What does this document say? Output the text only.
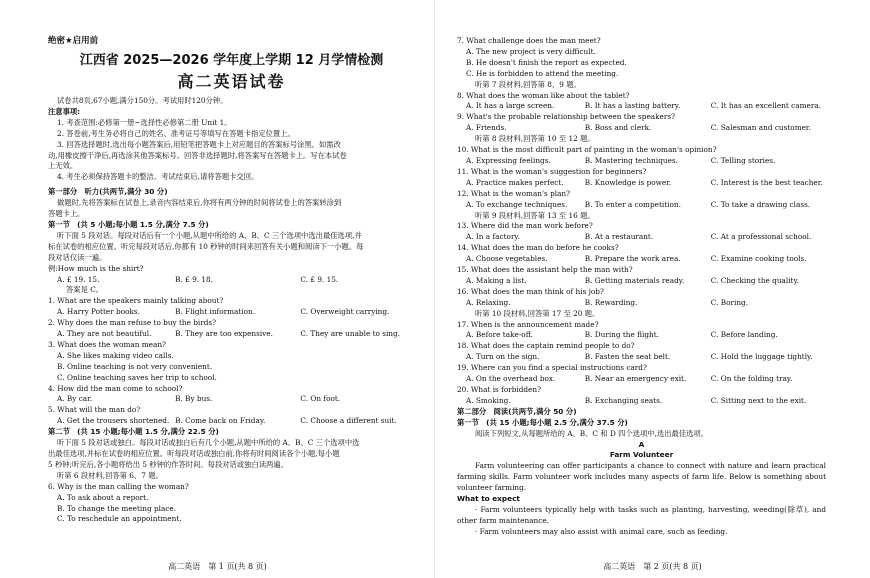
绝密★启用前
江西省 2025—2026 学年度上学期 12 月学情检测
高二英语试卷
试卷共8页,67小题,满分150分。考试用时120分钟。
注意事项:
1. 考查范围:必修第一册~选择性必修第二册 Unit 1。
2. 答卷前,考生务必将自己的姓名、准考证号等填写在答题卡指定位置上。
3. 回答选择题时,选出每小题答案后,用铅笔把答题卡上对应题目的答案标号涂黑。如需改
动,用橡皮擦干净后,再选涂其他答案标号。回答非选择题时,将答案写在答题卡上。写在本试卷
上无效。
4. 考生必须保持答题卡的整洁。考试结束后,请将答题卡交回。
第一部分　听力(共两节,满分 30 分)
做题时,先将答案标在试卷上,录音内容结束后,你将有两分钟的时间将试卷上的答案转涂到
答题卡上。
第一节　(共 5 小题;每小题 1.5 分,满分 7.5 分)
听下面 5 段对话。每段对话后有一个小题,从题中所给的 A、B、C 三个选项中选出最佳选项,并
标在试卷的相应位置。听完每段对话后,你都有 10 秒钟的时间来回答有关小题和阅读下一小题。每
段对话仅读一遍。
例:How much is the shirt?
A. £ 19. 15.	B. £ 9. 18.	C. £ 9. 15.
答案是 C。
1. What are the speakers mainly talking about?
A. Harry Potter books.	B. Flight information.	C. Overweight carrying.
2. Why does the man refuse to buy the birds?
A. They are not beautiful.	B. They are too expensive.	C. They are unable to sing.
3. What does the woman mean?
A. She likes making video calls.
B. Online teaching is not very convenient.
C. Online teaching saves her trip to school.
4. How did the man come to school?
A. By car.	B. By bus.	C. On foot.
5. What will the man do?
A. Get the trousers shortened. B. Come back on Friday.	C. Choose a different suit.
第二节　(共 15 小题;每小题 1.5 分,满分 22.5 分)
听下面 5 段对话或独白。每段对话或独白后有几个小题,从题中所给的 A、B、C 三个选项中选
出最佳选项,并标在试卷的相应位置。听每段对话或独白前,你将有时间阅读各个小题,每小题
5 秒钟;听完后,各小题将给出 5 秒钟的作答时间。每段对话或独白读两遍。
听第 6 段材料,回答第 6、7 题。
6. Why is the man calling the woman?
A. To ask about a report.
B. To change the meeting place.
C. To reschedule an appointment.
高二英语　第 1 页(共 8 页)
7. What challenge does the man meet?
A. The new project is very difficult.
B. He doesn't finish the report as expected.
C. He is forbidden to attend the meeting.
听第 7 段材料,回答第 8、9 题。
8. What does the woman like about the tablet?
A. It has a large screen.	B. It has a lasting battery.	C. It has an excellent camera.
9. What's the probable relationship between the speakers?
A. Friends.	B. Boss and clerk.	C. Salesman and customer.
听第 8 段材料,回答第 10 至 12 题。
10. What is the most difficult part of painting in the woman's opinion?
A. Expressing feelings.	B. Mastering techniques.	C. Telling stories.
11. What is the woman's suggestion for beginners?
A. Practice makes perfect.	B. Knowledge is power.	C. Interest is the best teacher.
12. What is the woman's plan?
A. To exchange techniques.	B. To enter a competition.	C. To take a drawing class.
听第 9 段材料,回答第 13 至 16 题。
13. Where did the man work before?
A. In a factory.	B. At a restaurant.	C. At a professional school.
14. What does the man do before he cooks?
A. Choose vegetables.	B. Prepare the work area.	C. Examine cooking tools.
15. What does the assistant help the man with?
A. Making a list.	B. Getting materials ready.	C. Checking the quality.
16. What does the man think of his job?
A. Relaxing.	B. Rewarding.	C. Boring.
听第 10 段材料,回答第 17 至 20 题。
17. When is the announcement made?
A. Before take-off.	B. During the flight.	C. Before landing.
18. What does the captain remind people to do?
A. Turn on the sign.	B. Fasten the seat belt.	C. Hold the luggage tightly.
19. Where can you find a special instructions card?
A. On the overhead box.	B. Near an emergency exit.	C. On the folding tray.
20. What is forbidden?
A. Smoking.	B. Exchanging seats.	C. Sitting next to the exit.
第二部分　阅读(共两节,满分 50 分)
第一节　(共 15 小题;每小题 2.5 分,满分 37.5 分)
阅读下列短文,从每题所给的 A、B、C 和 D 四个选项中,选出最佳选项。
A
Farm Volunteer
Farm volunteering can offer participants a chance to connect with nature and learn practical farming skills. Farm volunteer work includes many aspects of farm life. Below is something about volunteer farming.
What to expect
· Farm volunteers typically help with tasks such as planting, harvesting, weeding(除草), and other farm maintenance.
· Farm volunteers may also assist with animal care, such as feeding.
高二英语　第 2 页(共 8 页)
